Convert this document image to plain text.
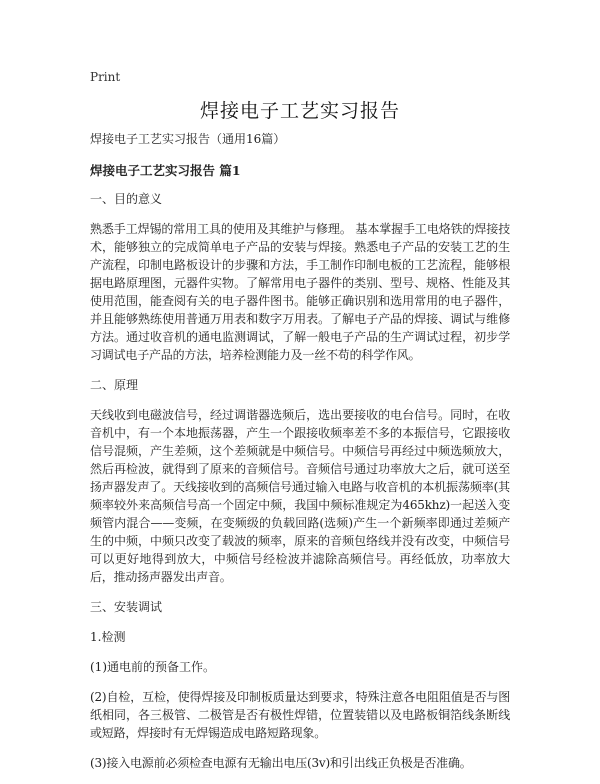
Print
焊接电子工艺实习报告

焊接电子工艺实习报告（通用16篇）

焊接电子工艺实习报告 篇1

一、目的意义

熟悉手工焊锡的常用工具的使用及其维护与修理。 基本掌握手工电烙铁的焊接技术，能够独立的完成简单电子产品的安装与焊接。熟悉电子产品的安装工艺的生产流程，印制电路板设计的步骤和方法，手工制作印制电板的工艺流程，能够根据电路原理图，元器件实物。了解常用电子器件的类别、型号、规格、性能及其使用范围，能查阅有关的电子器件图书。能够正确识别和选用常用的电子器件，并且能够熟练使用普通万用表和数字万用表。了解电子产品的焊接、调试与维修方法。通过收音机的通电监测调试，了解一般电子产品的生产调试过程，初步学习调试电子产品的方法，培养检测能力及一丝不苟的科学作风。

二、原理

天线收到电磁波信号，经过调谐器选频后，选出要接收的电台信号。同时，在收音机中，有一个本地振荡器，产生一个跟接收频率差不多的本振信号，它跟接收信号混频，产生差频，这个差频就是中频信号。中频信号再经过中频选频放大，然后再检波，就得到了原来的音频信号。音频信号通过功率放大之后，就可送至扬声器发声了。天线接收到的高频信号通过输入电路与收音机的本机振荡频率(其频率较外来高频信号高一个固定中频，我国中频标准规定为465khz)一起送入变频管内混合——变频，在变频级的负载回路(选频)产生一个新频率即通过差频产生的中频，中频只改变了载波的频率，原来的音频包络线并没有改变，中频信号可以更好地得到放大，中频信号经检波并滤除高频信号。再经低放，功率放大后，推动扬声器发出声音。

三、安装调试

1.检测

(1)通电前的预备工作。

(2)自检，互检，使得焊接及印制板质量达到要求，特殊注意各电阻阻值是否与图纸相同，各三极管、二极管是否有极性焊错，位置装错以及电路板铜箔线条断线或短路，焊接时有无焊锡造成电路短路现象。

(3)接入电源前必须检查电源有无输出电压(3v)和引出线正负极是否准确。
